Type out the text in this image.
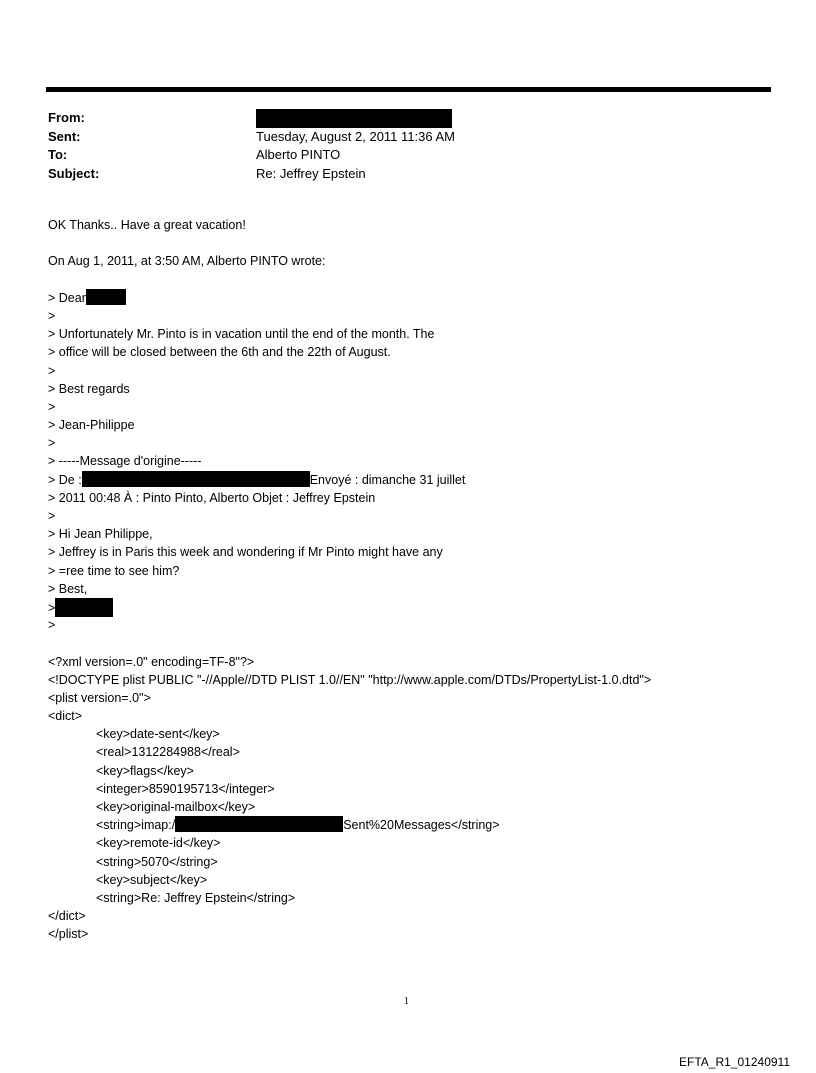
From:
Sent:	Tuesday, August 2, 2011 11:36 AM
To:	Alberto PINTO
Subject:	Re: Jeffrey Epstein
OK Thanks.. Have a great vacation!
On Aug 1, 2011, at 3:50 AM, Alberto PINTO wrote:
> Dear
>
> Unfortunately Mr. Pinto is in vacation until the end of the month. The
> office will be closed between the 6th and the 22th of August.
>
> Best regards
>
> Jean-Philippe
>
> -----Message d'origine-----
> De :	Envoyé : dimanche 31 juillet
> 2011 00:48 À : Pinto Pinto, Alberto Objet : Jeffrey Epstein
>
> Hi Jean Philippe,
> Jeffrey is in Paris this week and wondering if Mr Pinto might have any
> =ree time to see him?
> Best,
>
>
<?xml version=.0" encoding=TF-8"?>
<!DOCTYPE plist PUBLIC "-//Apple//DTD PLIST 1.0//EN" "http://www.apple.com/DTDs/PropertyList-1.0.dtd">
<plist version=.0">
<dict>
<key>date-sent</key>
<real>1312284988</real>
<key>flags</key>
<integer>8590195713</integer>
<key>original-mailbox</key>
<string>imap:/	Sent%20Messages</string>
<key>remote-id</key>
<string>5070</string>
<key>subject</key>
<string>Re: Jeffrey Epstein</string>
</dict>
</plist>
1
EFTA_R1_01240911
